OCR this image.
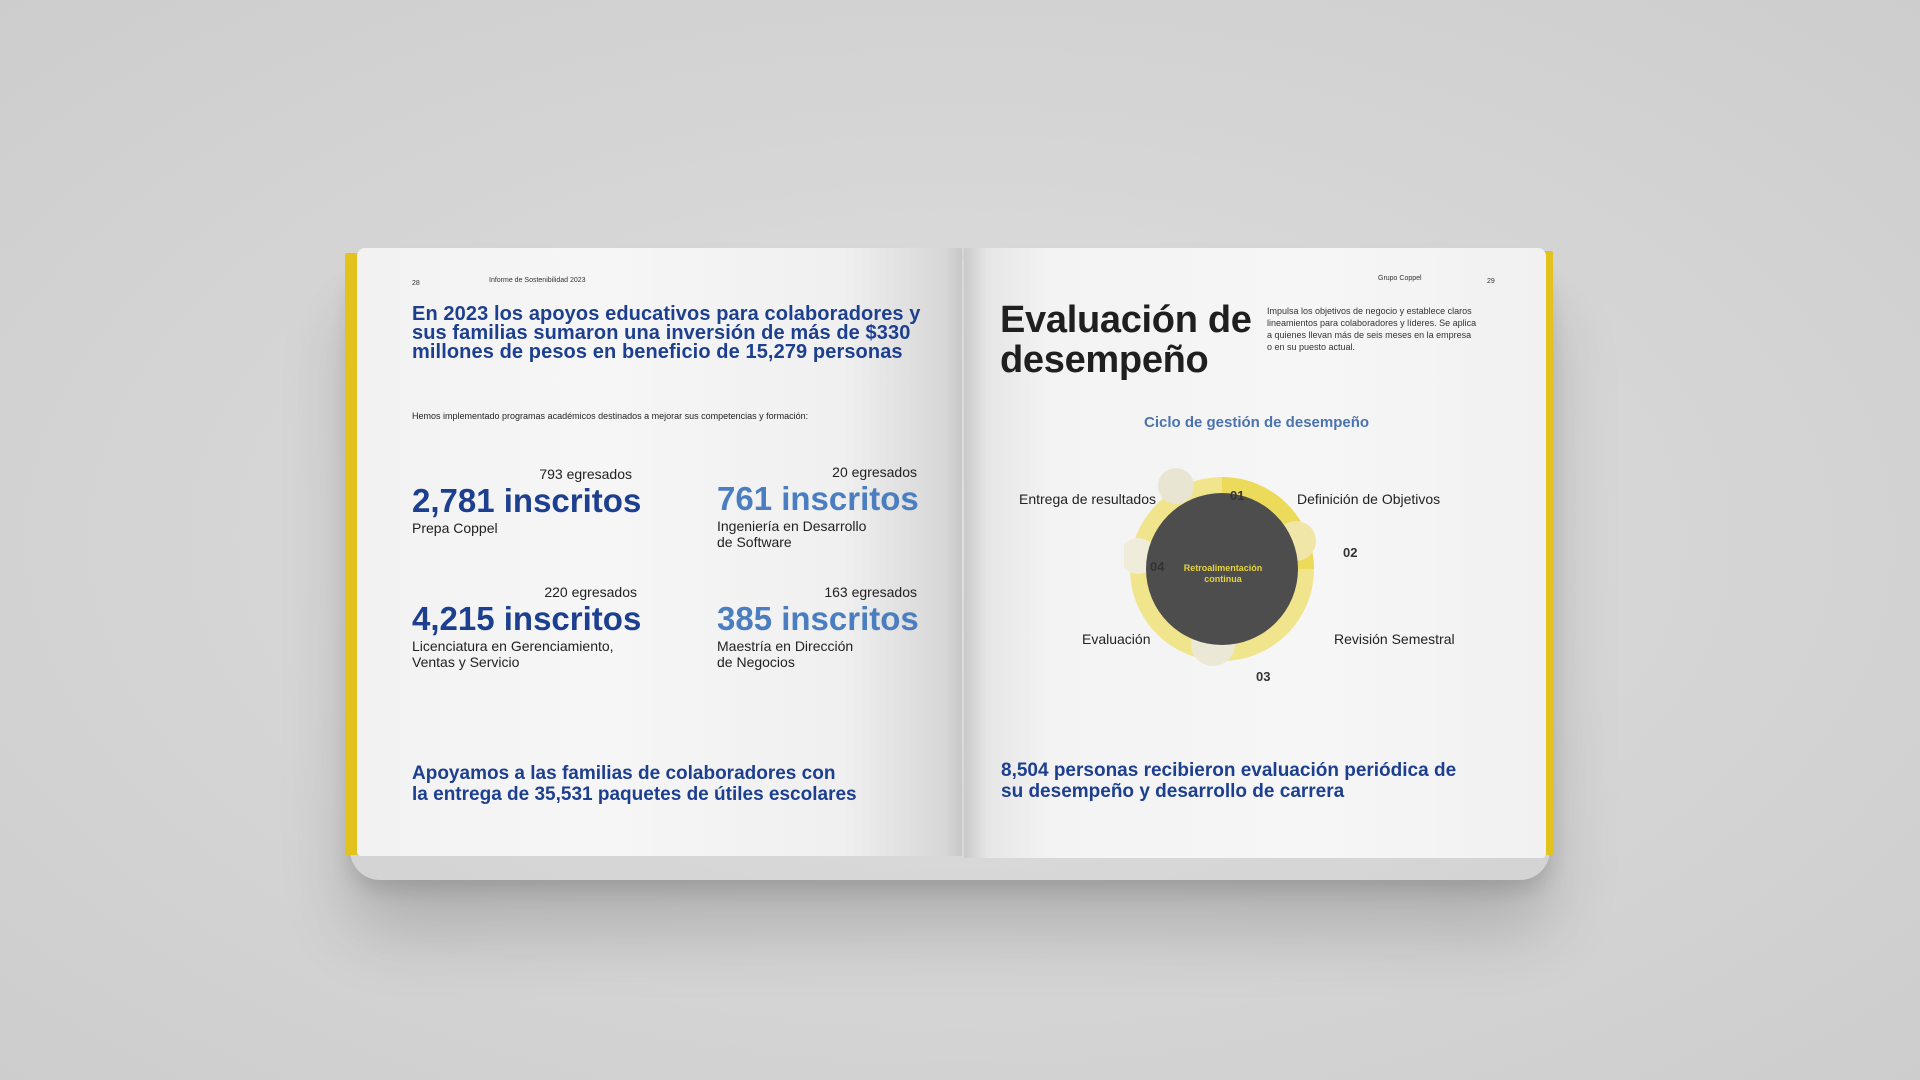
28	Informe de Sostenibilidad 2023
En 2023 los apoyos educativos para colaboradores y
sus familias sumaron una inversión de más de $330
millones de pesos en beneficio de 15,279 personas
Hemos implementado programas académicos destinados a mejorar sus competencias y formación:
793 egresados
2,781 inscritos
Prepa Coppel
20 egresados
761 inscritos
Ingeniería en Desarrollo
de Software
220 egresados
4,215 inscritos
Licenciatura en Gerenciamiento,
Ventas y Servicio
163 egresados
385 inscritos
Maestría en Dirección
de Negocios
Apoyamos a las familias de colaboradores con
la entrega de 35,531 paquetes de útiles escolares
Grupo Coppel	29
Evaluación de
desempeño
Impulsa los objetivos de negocio y establece claros
lineamientos para colaboradores y líderes. Se aplica
a quienes llevan más de seis meses en la empresa
o en su puesto actual.
Ciclo de gestión de desempeño
Retroalimentación
continua
01
02
03
04
Definición de Objetivos
Revisión Semestral
Evaluación
Entrega de resultados
8,504 personas recibieron evaluación periódica de
su desempeño y desarrollo de carrera
